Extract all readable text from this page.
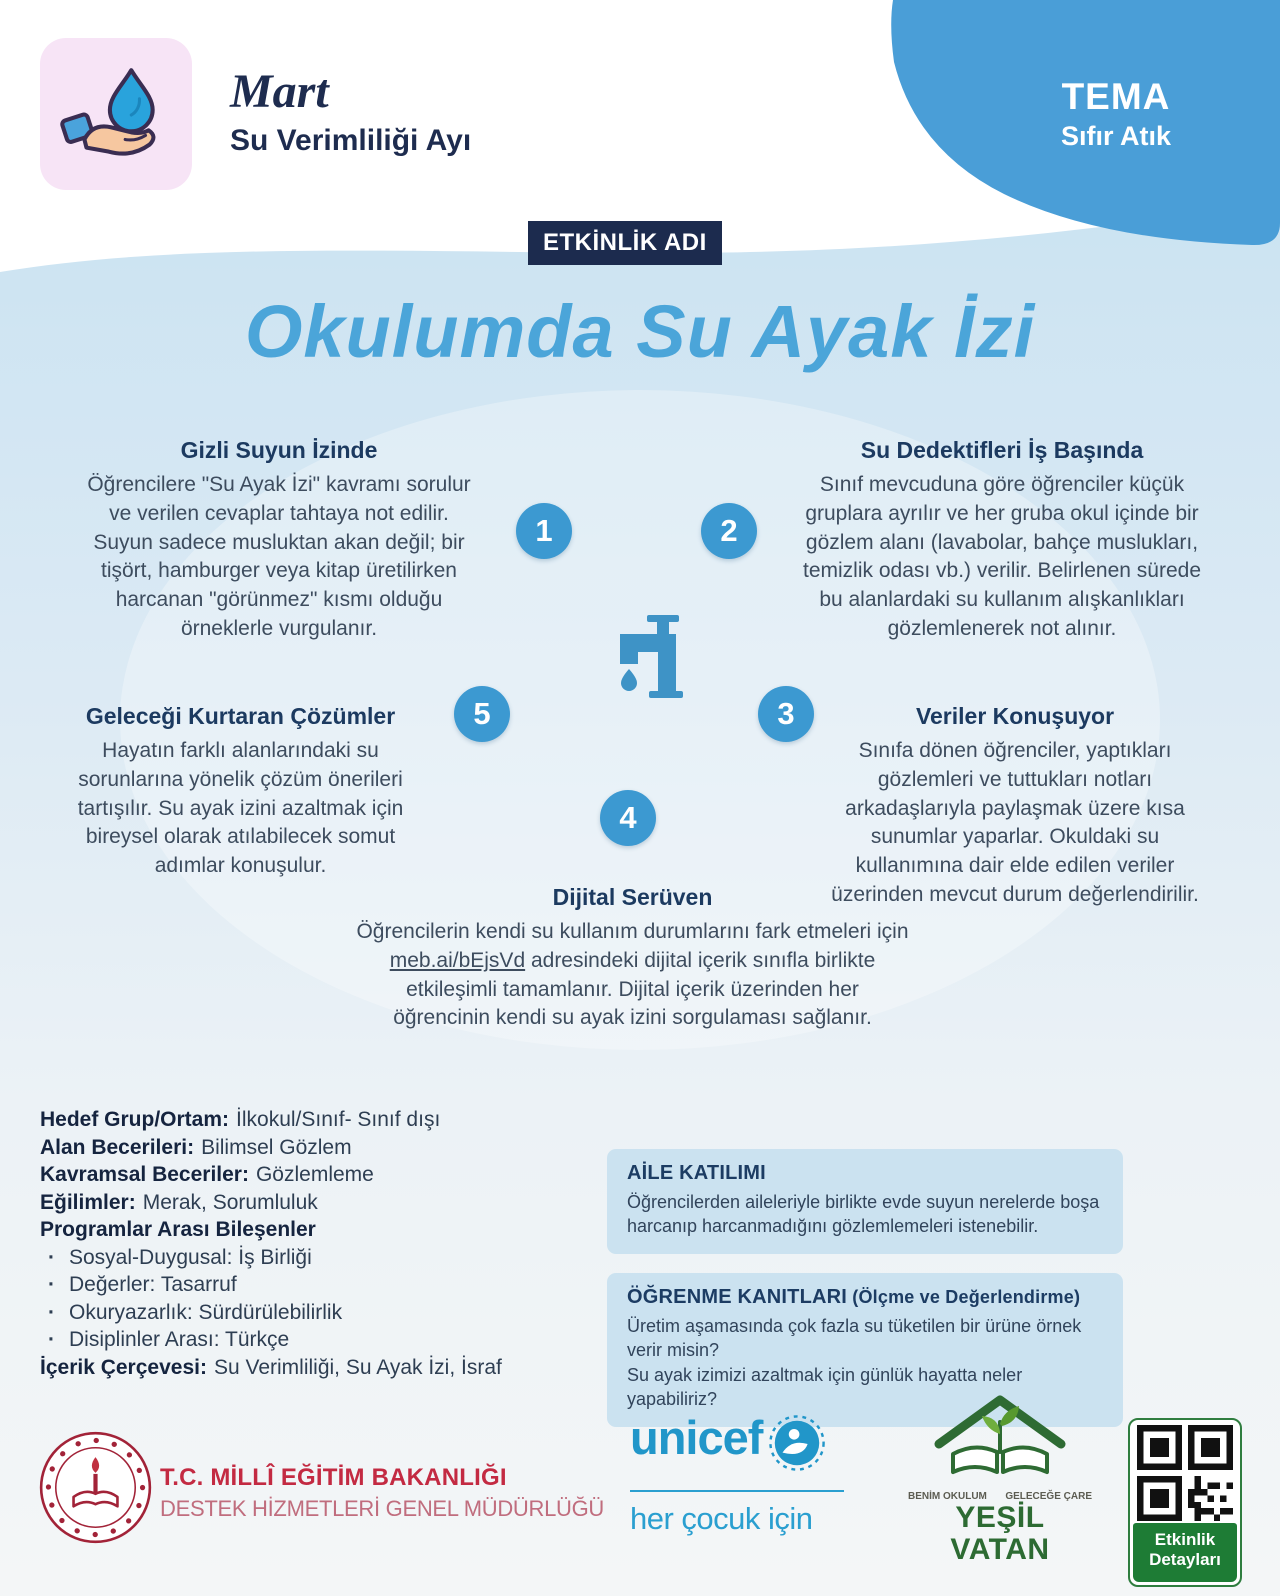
Mart
Su Verimliliği Ayı
TEMA
Sıfır Atık
ETKİNLİK ADI
Okulumda Su Ayak İzi
Gizli Suyun İzinde
Öğrencilere "Su Ayak İzi" kavramı sorulur ve verilen cevaplar tahtaya not edilir. Suyun sadece musluktan akan değil; bir tişört, hamburger veya kitap üretilirken harcanan "görünmez" kısmı olduğu örneklerle vurgulanır.
Su Dedektifleri İş Başında
Sınıf mevcuduna göre öğrenciler küçük gruplara ayrılır ve her gruba okul içinde bir gözlem alanı (lavabolar, bahçe muslukları, temizlik odası vb.) verilir. Belirlenen sürede bu alanlardaki su kullanım alışkanlıkları gözlemlenerek not alınır.
Veriler Konuşuyor
Sınıfa dönen öğrenciler, yaptıkları gözlemleri ve tuttukları notları arkadaşlarıyla paylaşmak üzere kısa sunumlar yaparlar. Okuldaki su kullanımına dair elde edilen veriler üzerinden mevcut durum değerlendirilir.
Dijital Serüven
Öğrencilerin kendi su kullanım durumlarını fark etmeleri için meb.ai/bEjsVd adresindeki dijital içerik sınıfla birlikte etkileşimli tamamlanır. Dijital içerik üzerinden her öğrencinin kendi su ayak izini sorgulaması sağlanır.
Geleceği Kurtaran Çözümler
Hayatın farklı alanlarındaki su sorunlarına yönelik çözüm önerileri tartışılır. Su ayak izini azaltmak için bireysel olarak atılabilecek somut adımlar konuşulur.
1	2
3
4
5
Hedef Grup/Ortam: İlkokul/Sınıf- Sınıf dışı
Alan Becerileri: Bilimsel Gözlem
Kavramsal Beceriler: Gözlemleme
Eğilimler: Merak, Sorumluluk
Programlar Arası Bileşenler
· Sosyal-Duygusal: İş Birliği
· Değerler: Tasarruf
· Okuryazarlık: Sürdürülebilirlik
· Disiplinler Arası: Türkçe
İçerik Çerçevesi: Su Verimliliği, Su Ayak İzi, İsraf
AİLE KATILIMI

Öğrencilerden aileleriyle birlikte evde suyun nerelerde boşa harcanıp harcanmadığını gözlemlemeleri istenebilir.

ÖĞRENME KANITLARI (Ölçme ve Değerlendirme)

Üretim aşamasında çok fazla su tüketilen bir ürüne örnek verir misin?

Su ayak izimizi azaltmak için günlük hayatta neler yapabiliriz?

T.C. MİLLÎ EĞİTİM BAKANLIĞI
DESTEK HİZMETLERİ GENEL MÜDÜRLÜĞÜ
unicef
her çocuk için
BENİM OKULUM GELECEĞE ÇARE
YEŞİL VATAN	Etkinlik Detayları
